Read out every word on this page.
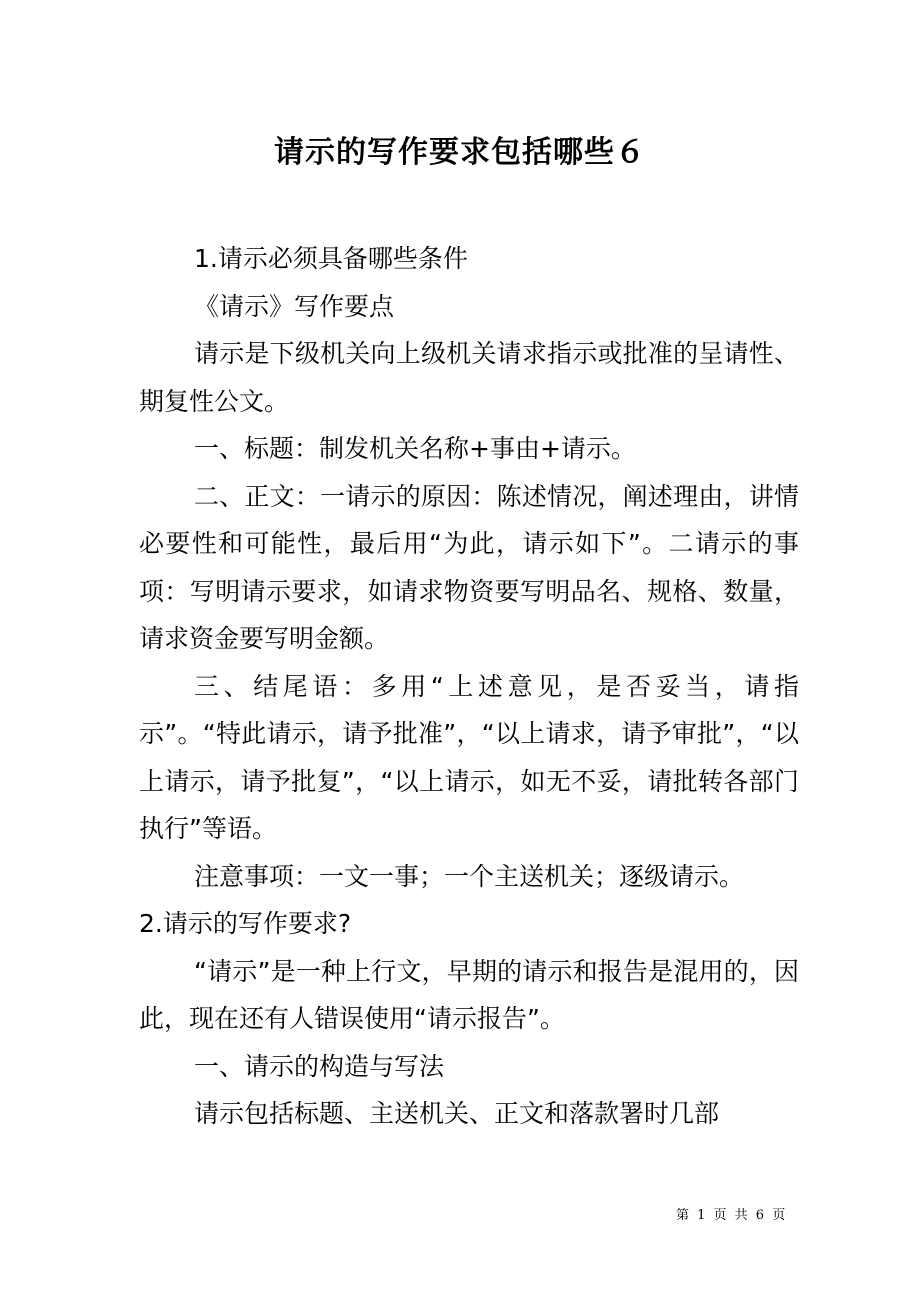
请示的写作要求包括哪些６

1.请示必须具备哪些条件

《请示》写作要点

请示是下级机关向上级机关请求指示或批准的呈请性、期复性公文。

一、标题：制发机关名称+事由+请示。

二、正文：一请示的原因：陈述情况，阐述理由，讲情必要性和可能性，最后用“为此，请示如下”。二请示的事项：写明请示要求，如请求物资要写明品名、规格、数量，请求资金要写明金额。

三、结尾语：多用“上述意见，是否妥当，请指示”。“特此请示，请予批准”，“以上请求，请予审批”，“以上请示，请予批复”，“以上请示，如无不妥，请批转各部门执行”等语。

注意事项：一文一事；一个主送机关；逐级请示。

2.请示的写作要求?

“请示”是一种上行文，早期的请示和报告是混用的，因此，现在还有人错误使用“请示报告”。

一、请示的构造与写法

请示包括标题、主送机关、正文和落款署时几部

第 1 页 共 6 页
